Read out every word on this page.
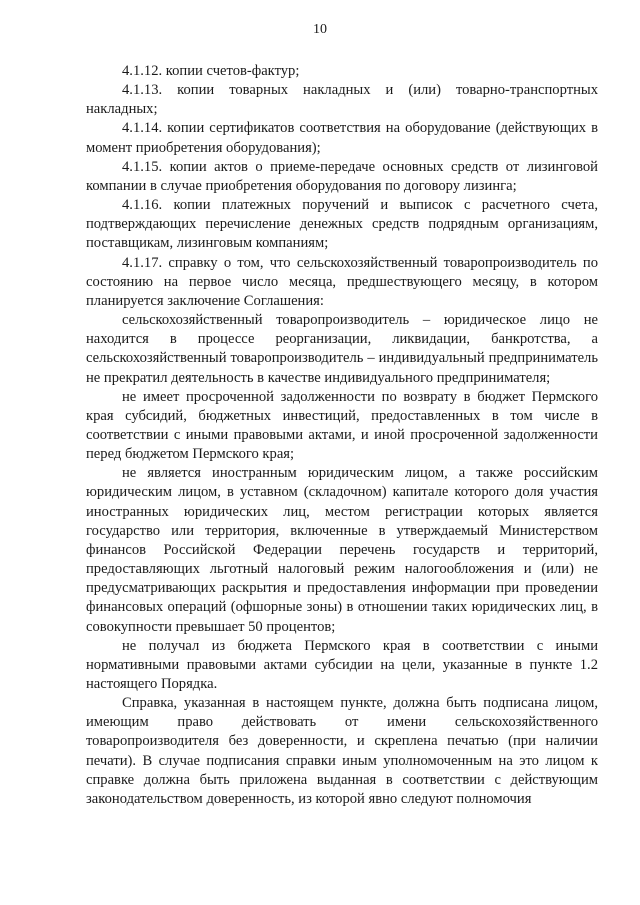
10

4.1.12. копии счетов-фактур;

4.1.13. копии товарных накладных и (или) товарно-транспортных накладных;

4.1.14. копии сертификатов соответствия на оборудование (действующих в момент приобретения оборудования);

4.1.15. копии актов о приеме-передаче основных средств от лизинговой компании в случае приобретения оборудования по договору лизинга;

4.1.16. копии платежных поручений и выписок с расчетного счета, подтверждающих перечисление денежных средств подрядным организациям, поставщикам, лизинговым компаниям;

4.1.17. справку о том, что сельскохозяйственный товаропроизводитель по состоянию на первое число месяца, предшествующего месяцу, в котором планируется заключение Соглашения:

сельскохозяйственный товаропроизводитель – юридическое лицо не находится в процессе реорганизации, ликвидации, банкротства, а сельскохозяйственный товаропроизводитель – индивидуальный предприниматель не прекратил деятельность в качестве индивидуального предпринимателя;

не имеет просроченной задолженности по возврату в бюджет Пермского края субсидий, бюджетных инвестиций, предоставленных в том числе в соответствии с иными правовыми актами, и иной просроченной задолженности перед бюджетом Пермского края;

не является иностранным юридическим лицом, а также российским юридическим лицом, в уставном (складочном) капитале которого доля участия иностранных юридических лиц, местом регистрации которых является государство или территория, включенные в утверждаемый Министерством финансов Российской Федерации перечень государств и территорий, предоставляющих льготный налоговый режим налогообложения и (или) не предусматривающих раскрытия и предоставления информации при проведении финансовых операций (офшорные зоны) в отношении таких юридических лиц, в совокупности превышает 50 процентов;

не получал из бюджета Пермского края в соответствии с иными нормативными правовыми актами субсидии на цели, указанные в пункте 1.2 настоящего Порядка.

Справка, указанная в настоящем пункте, должна быть подписана лицом, имеющим право действовать от имени сельскохозяйственного товаропроизводителя без доверенности, и скреплена печатью (при наличии печати). В случае подписания справки иным уполномоченным на это лицом к справке должна быть приложена выданная в соответствии с действующим законодательством доверенность, из которой явно следуют полномочия
